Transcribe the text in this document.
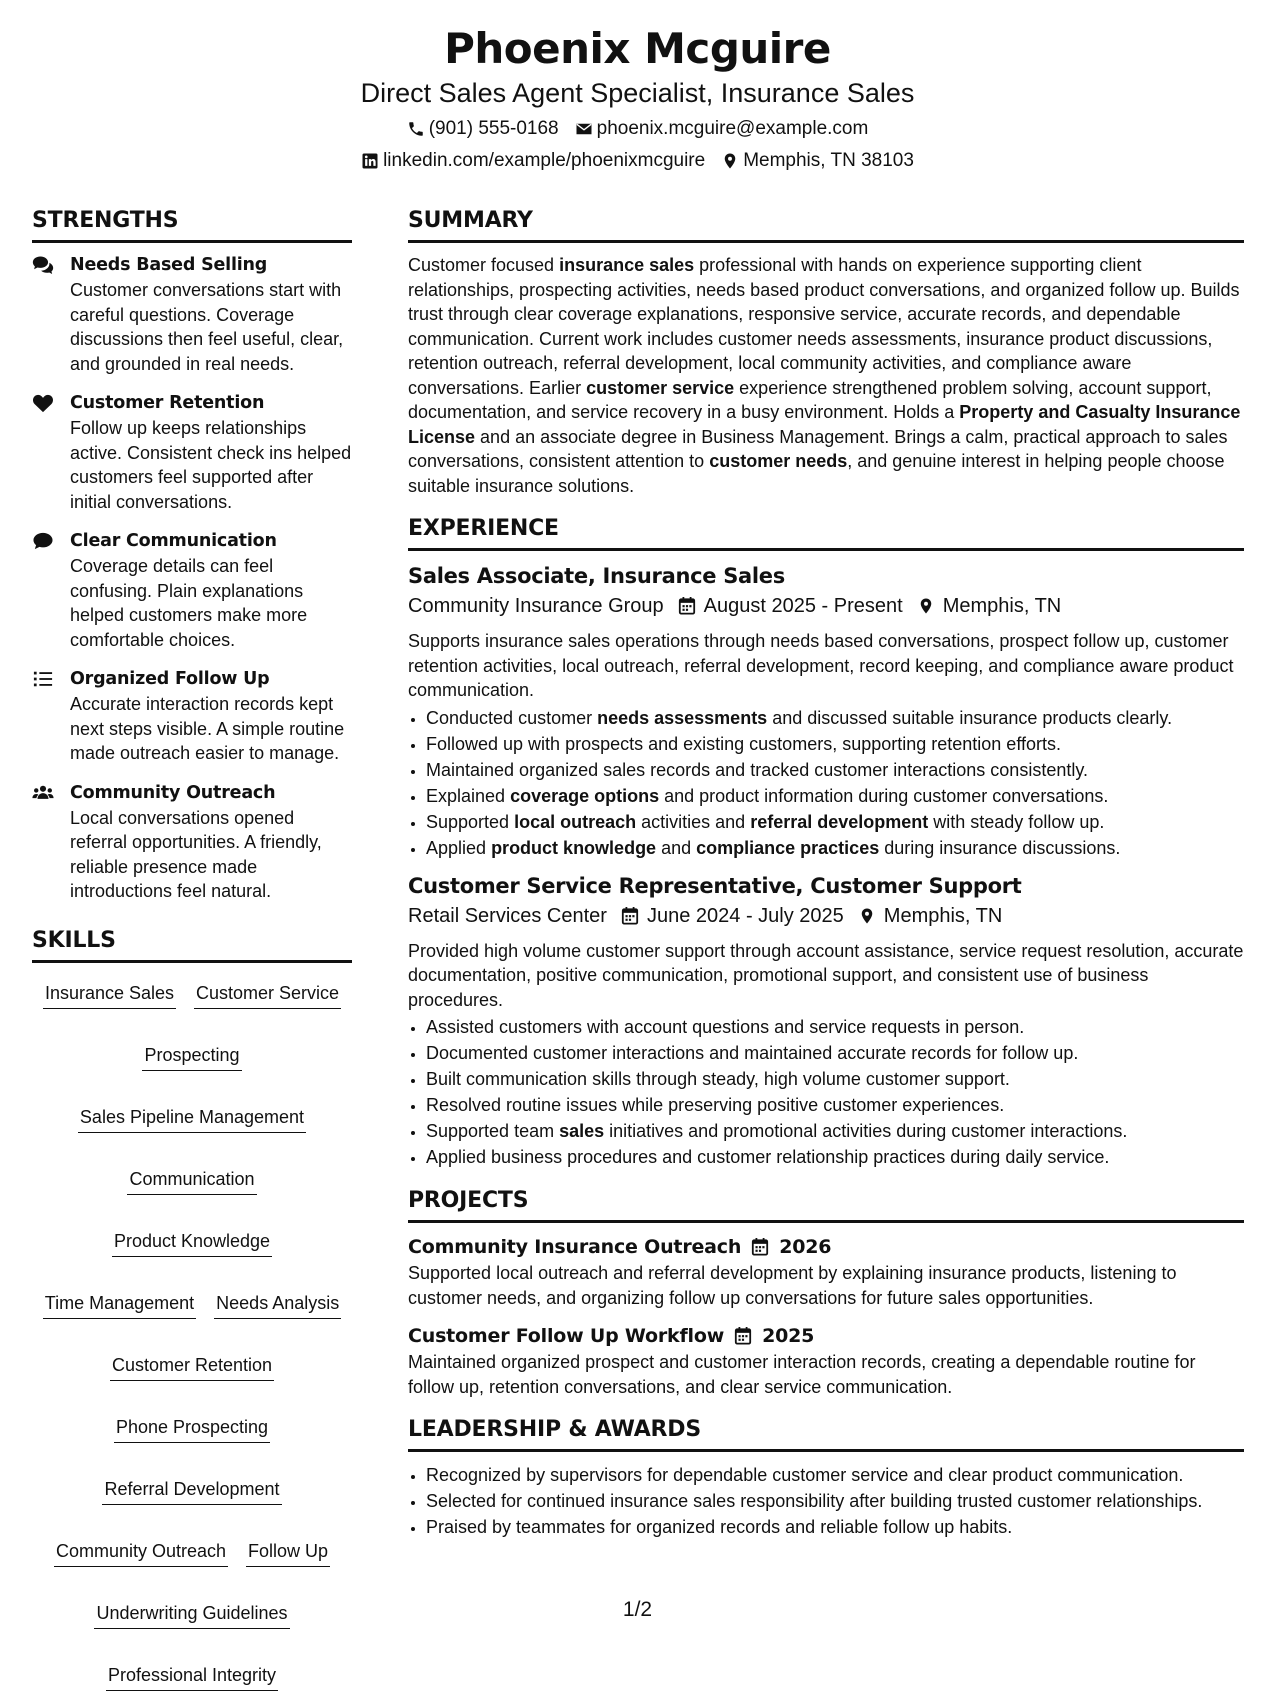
Phoenix Mcguire
Direct Sales Agent Specialist, Insurance Sales
(901) 555-0168 phoenix.mcguire@example.com
linkedin.com/example/phoenixmcguire Memphis, TN 38103
STRENGTHS
Needs Based Selling
Customer conversations start with careful questions. Coverage discussions then feel useful, clear, and grounded in real needs.
Customer Retention
Follow up keeps relationships active. Consistent check ins helped customers feel supported after initial conversations.
Clear Communication
Coverage details can feel confusing. Plain explanations helped customers make more comfortable choices.
Organized Follow Up
Accurate interaction records kept next steps visible. A simple routine made outreach easier to manage.
Community Outreach
Local conversations opened referral opportunities. A friendly, reliable presence made introductions feel natural.
SKILLS
Insurance Sales Customer Service
Prospecting
Sales Pipeline Management
Communication
Product Knowledge
Time Management Needs Analysis
Customer Retention
Phone Prospecting
Referral Development
Community Outreach Follow Up
Underwriting Guidelines
Professional Integrity
SUMMARY
Customer focused insurance sales professional with hands on experience supporting client relationships, prospecting activities, needs based product conversations, and organized follow up. Builds trust through clear coverage explanations, responsive service, accurate records, and dependable communication. Current work includes customer needs assessments, insurance product discussions, retention outreach, referral development, local community activities, and compliance aware conversations. Earlier customer service experience strengthened problem solving, account support, documentation, and service recovery in a busy environment. Holds a Property and Casualty Insurance License and an associate degree in Business Management. Brings a calm, practical approach to sales conversations, consistent attention to customer needs, and genuine interest in helping people choose suitable insurance solutions.
EXPERIENCE
Sales Associate, Insurance Sales
Community Insurance Group August 2025 - Present Memphis, TN
Supports insurance sales operations through needs based conversations, prospect follow up, customer retention activities, local outreach, referral development, record keeping, and compliance aware product communication.
• Conducted customer needs assessments and discussed suitable insurance products clearly.
• Followed up with prospects and existing customers, supporting retention efforts.
• Maintained organized sales records and tracked customer interactions consistently.
• Explained coverage options and product information during customer conversations.
• Supported local outreach activities and referral development with steady follow up.
• Applied product knowledge and compliance practices during insurance discussions.
Customer Service Representative, Customer Support
Retail Services Center June 2024 - July 2025 Memphis, TN
Provided high volume customer support through account assistance, service request resolution, accurate documentation, positive communication, promotional support, and consistent use of business procedures.
• Assisted customers with account questions and service requests in person.
• Documented customer interactions and maintained accurate records for follow up.
• Built communication skills through steady, high volume customer support.
• Resolved routine issues while preserving positive customer experiences.
• Supported team sales initiatives and promotional activities during customer interactions.
• Applied business procedures and customer relationship practices during daily service.
PROJECTS
Community Insurance Outreach 2026
Supported local outreach and referral development by explaining insurance products, listening to customer needs, and organizing follow up conversations for future sales opportunities.
Customer Follow Up Workflow 2025
Maintained organized prospect and customer interaction records, creating a dependable routine for follow up, retention conversations, and clear service communication.
LEADERSHIP & AWARDS
• Recognized by supervisors for dependable customer service and clear product communication.
• Selected for continued insurance sales responsibility after building trusted customer relationships.
• Praised by teammates for organized records and reliable follow up habits.
1/2
